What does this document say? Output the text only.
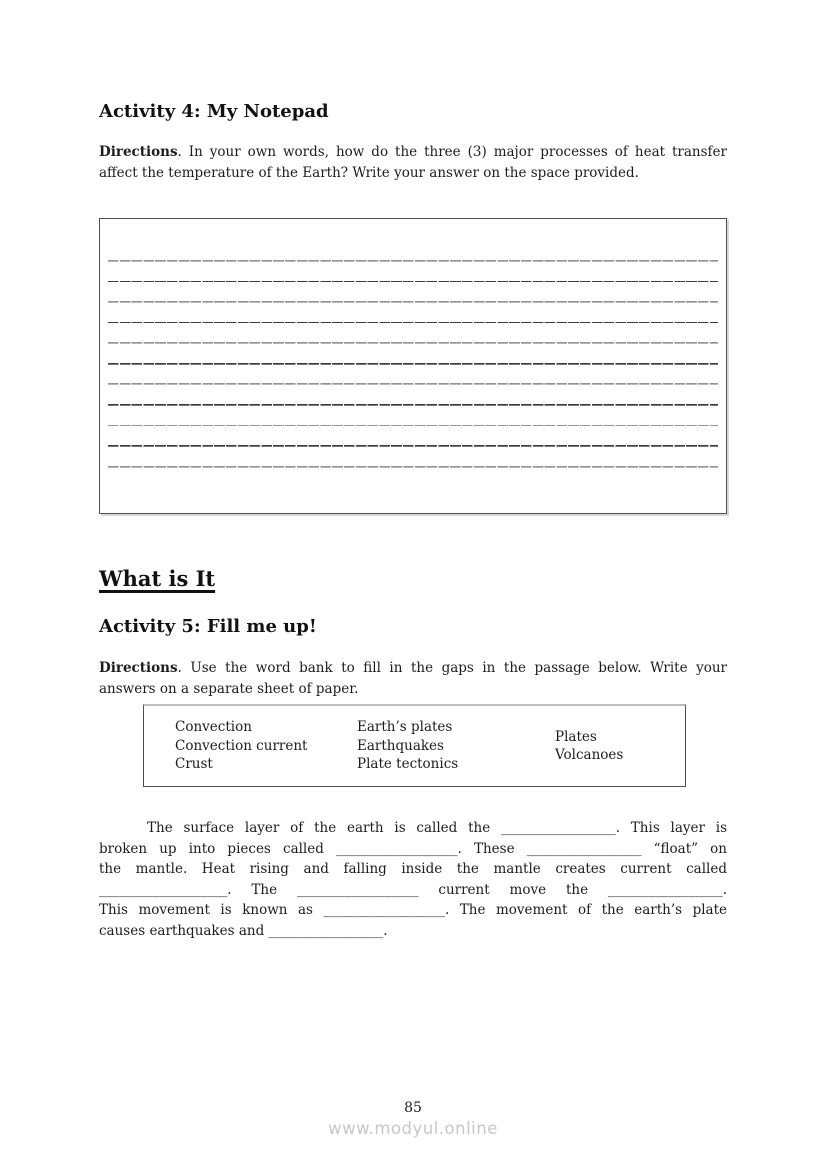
Activity 4: My Notepad
Directions. In your own words, how do the three (3) major processes of heat transfer
affect the temperature of the Earth? Write your answer on the space provided.
What is It
Activity 5: Fill me up!
Directions. Use the word bank to fill in the gaps in the passage below. Write your
answers on a separate sheet of paper.
Convection
Convection current
Crust
Earth’s plates
Earthquakes
Plate tectonics
Plates
Volcanoes
The surface layer of the earth is called the _________________. This layer is
broken up into pieces called __________________. These _________________ “float” on
the mantle. Heat rising and falling inside the mantle creates current called
___________________. The __________________ current move the _________________.
This movement is known as __________________. The movement of the earth’s plate
causes earthquakes and _________________.
85
www.modyul.online
